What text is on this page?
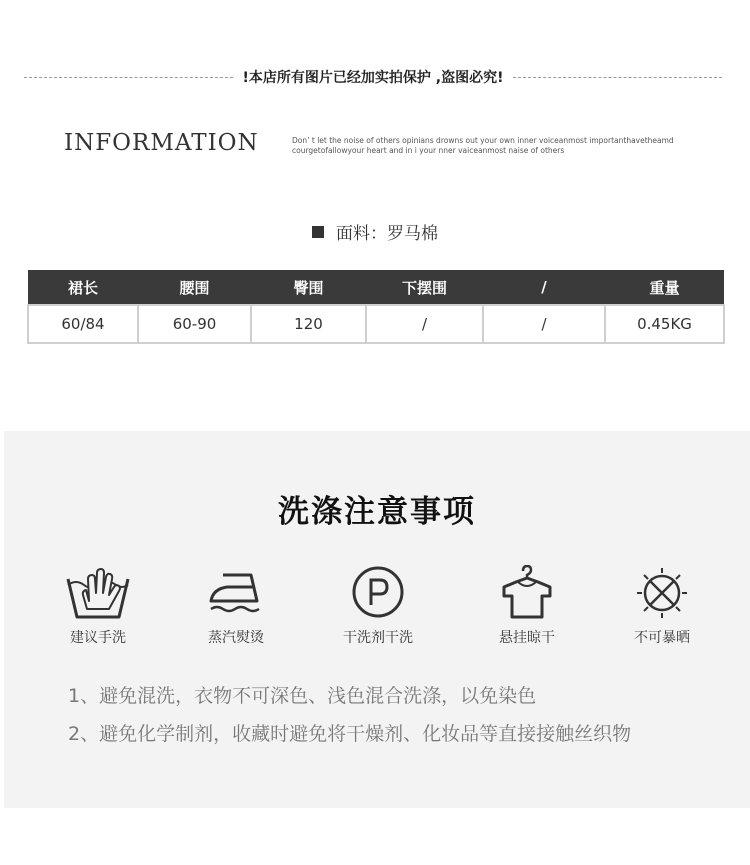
!本店所有图片已经加实拍保护 ,盗图必究!
INFORMATION	Don’ t let the noise of others opinians drowns out your own inner voiceanmost importanthavetheamd courgetofallowyour heart and in i your nner vaiceanmost naise of others
面料：罗马棉
裙长	腰围	臀围	下摆围	/	重量
60/84	60-90	120	/	/	0.45KG
洗涤注意事项
建议手洗	蒸汽熨烫	干洗剂干洗	悬挂晾干	不可暴晒
1、避免混洗，衣物不可深色、浅色混合洗涤，以免染色
2、避免化学制剂，收藏时避免将干燥剂、化妆品等直接接触丝织物
